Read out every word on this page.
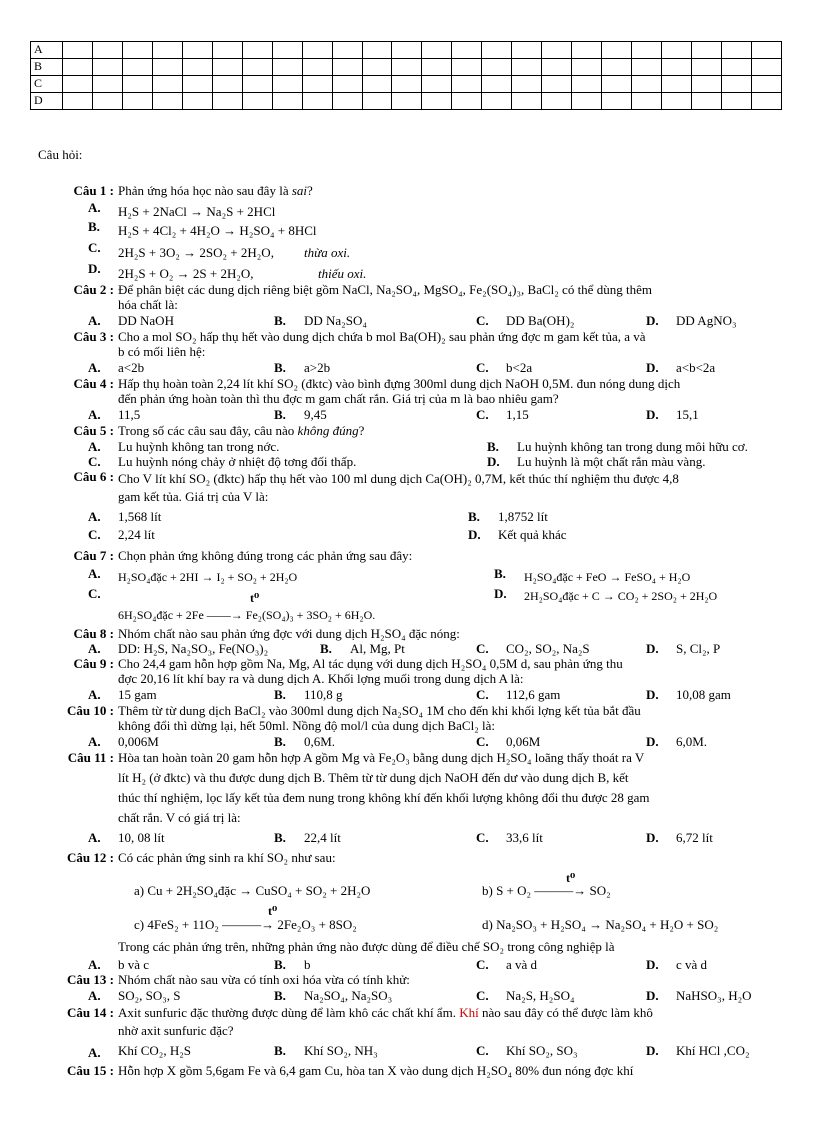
A																								
B																								
C																								
D																								
Câu hỏi:
Câu 1 : Phản ứng hóa học nào sau đây là sai?
A. H₂S + 2NaCl → Na₂S + 2HCl
B. H₂S + 4Cl₂ + 4H₂O → H₂SO₄ + 8HCl
C. 2H₂S + 3O₂ → 2SO₂ + 2H₂O, thừa oxi.
D. 2H₂S + O₂ → 2S + 2H₂O,	thiếu oxi.
Câu 2 : Để phân biệt các dung dịch riêng biệt gồm NaCl, Na₂SO₄, MgSO₄, Fe₂(SO₄)₃, BaCl₂ có thể dùng thêm
hóa chất là:
A. DD NaOH	B. DD Na₂SO₄	C. DD Ba(OH)₂	D. DD AgNO₃
Câu 3 : Cho a mol SO₂ hấp thụ hết vào dung dịch chứa b mol Ba(OH)₂ sau phản ứng đợc m gam kết tủa, a và
b có mối liên hệ:
A. a<2b	B. a>2b	C. b<2a	D. a<b<2a
Câu 4 : Hấp thụ hoàn toàn 2,24 lít khí SO₂ (đktc) vào bình đựng 300ml dung dịch NaOH 0,5M. đun nóng dung dịch
đến phản ứng hoàn toàn thì thu đợc m gam chất rắn. Giá trị của m là bao nhiêu gam?
A. 11,5	B. 9,45	C. 1,15	D. 15,1
Câu 5 : Trong số các câu sau đây, câu nào không đúng?
A. Lu huỳnh không tan trong nớc.	B. Lu huỳnh không tan trong dung môi hữu cơ.
C. Lu huỳnh nóng chảy ở nhiệt độ tơng đối thấp.	D. Lu huỳnh là một chất rắn màu vàng.
Câu 6 : Cho V lít khí SO₂ (đktc) hấp thụ hết vào 100 ml dung dịch Ca(OH)₂ 0,7M, kết thúc thí nghiệm thu được 4,8
gam kết tủa. Giá trị của V là:
A. 1,568 lít	B. 1,8752 lít
C. 2,24 lít	D. Kết quả khác
Câu 7 : Chọn phản ứng không đúng trong các phản ứng sau đây:
A. H₂SO₄đặc + 2HI → I₂ + SO₂ + 2H₂O	B. H₂SO₄đặc + FeO → FeSO₄ + H₂O
C.	t⁰
6H₂SO₄đặc + 2Fe ——→ Fe₂(SO₄)₃ + 3SO₂ + 6H₂O.
D. 2H₂SO₄đặc + C → CO₂ + 2SO₂ + 2H₂O
Câu 8 : Nhóm chất nào sau phản ứng đợc với dung dịch H₂SO₄ đặc nóng:
A. DD: H₂S, Na₂SO₃, Fe(NO₃)₂	B. Al, Mg, Pt	C. CO₂, SO₂, Na₂S	D. S, Cl₂, P
Câu 9 : Cho 24,4 gam hỗn hợp gồm Na, Mg, Al tác dụng với dung dịch H₂SO₄ 0,5M d, sau phản ứng thu
đợc 20,16 lít khí bay ra và dung dịch A. Khối lợng muối trong dung dịch A là:
A. 15 gam	B. 110,8 g	C. 112,6 gam	D. 10,08 gam
Câu 10 : Thêm từ từ dung dịch BaCl₂ vào 300ml dung dịch Na₂SO₄ 1M cho đến khi khối lợng kết tủa bắt đầu
không đổi thì dừng lại, hết 50ml. Nồng độ mol/l của dung dịch BaCl₂ là:
A. 0,006M	B. 0,6M.	C. 0,06M	D. 6,0M.
Câu 11 : Hòa tan hoàn toàn 20 gam hỗn hợp A gồm Mg và Fe₂O₃ bằng dung dịch H₂SO₄ loãng thấy thoát ra V
lít H₂ (ở đktc) và thu được dung dịch B. Thêm từ từ dung dịch NaOH đến dư vào dung dịch B, kết
thúc thí nghiệm, lọc lấy kết tủa đem nung trong không khí đến khối lượng không đổi thu được 28 gam
chất rắn. V có giá trị là:
A. 10, 08 lít	B. 22,4 lít	C. 33,6 lít	D. 6,72 lít
Câu 12 : Có các phản ứng sinh ra khí SO₂ như sau:
a) Cu + 2H₂SO₄đặc → CuSO₄ + SO₂ + 2H₂O
t⁰
b) S + O₂ ———→ SO₂
t⁰
c) 4FeS₂ + 11O₂ ———→ 2Fe₂O₃ + 8SO₂	d) Na₂SO₃ + H₂SO₄ → Na₂SO₄ + H₂O + SO₂
Trong các phản ứng trên, những phản ứng nào được dùng để điều chế SO₂ trong công nghiệp là
A. b và c	B. b	C. a và d	D. c và d
Câu 13 : Nhóm chất nào sau vừa có tính oxi hóa vừa có tính khử:
A. SO₂, SO₃, S	B. Na₂SO₄, Na₂SO₃	C. Na₂S, H₂SO₄	D. NaHSO₃, H₂O
Câu 14 : Axit sunfuric đặc thường được dùng để làm khô các chất khí ẩm. Khí nào sau đây có thể được làm khô
nhờ axit sunfuric đặc?
A. Khí CO₂, H₂S	B. Khí SO₂, NH₃	C. Khí SO₂, SO₃	D. Khí HCl ,CO₂
Câu 15 : Hỗn hợp X gồm 5,6gam Fe và 6,4 gam Cu, hòa tan X vào dung dịch H₂SO₄ 80% đun nóng đợc khí
